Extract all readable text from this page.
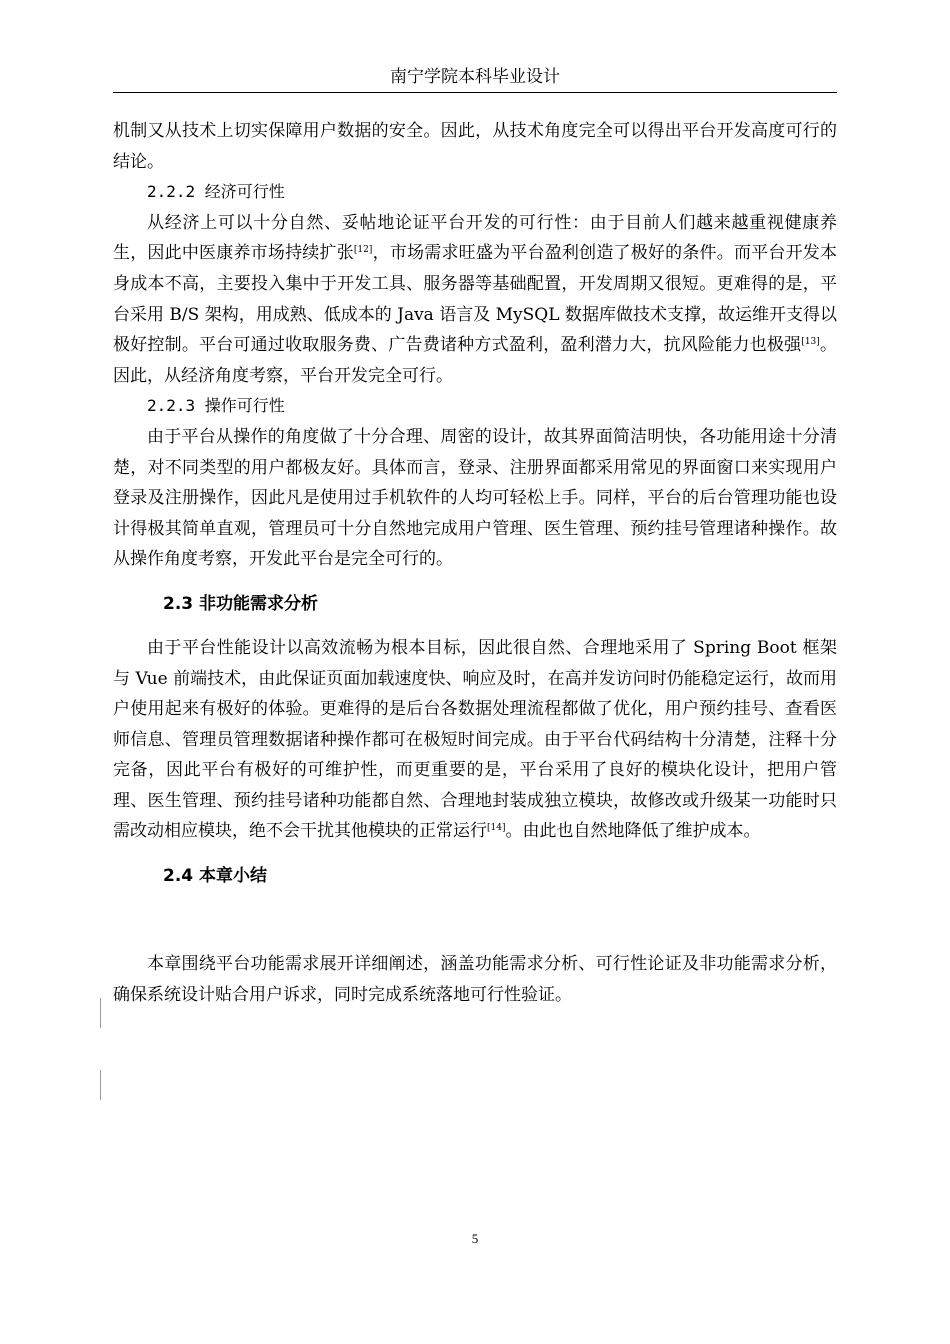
南宁学院本科毕业设计

机制又从技术上切实保障用户数据的安全。因此，从技术角度完全可以得出平台开发高度可行的结论。

2.2.2 经济可行性

从经济上可以十分自然、妥帖地论证平台开发的可行性：由于目前人们越来越重视健康养生，因此中医康养市场持续扩张[12]，市场需求旺盛为平台盈利创造了极好的条件。而平台开发本身成本不高，主要投入集中于开发工具、服务器等基础配置，开发周期又很短。更难得的是，平台采用 B/S 架构，用成熟、低成本的 Java 语言及 MySQL 数据库做技术支撑，故运维开支得以极好控制。平台可通过收取服务费、广告费诸种方式盈利，盈利潜力大，抗风险能力也极强[13]。因此，从经济角度考察，平台开发完全可行。

2.2.3 操作可行性

由于平台从操作的角度做了十分合理、周密的设计，故其界面简洁明快，各功能用途十分清楚，对不同类型的用户都极友好。具体而言，登录、注册界面都采用常见的界面窗口来实现用户登录及注册操作，因此凡是使用过手机软件的人均可轻松上手。同样，平台的后台管理功能也设计得极其简单直观，管理员可十分自然地完成用户管理、医生管理、预约挂号管理诸种操作。故从操作角度考察，开发此平台是完全可行的。

2.3 非功能需求分析

由于平台性能设计以高效流畅为根本目标，因此很自然、合理地采用了 Spring Boot 框架与 Vue 前端技术，由此保证页面加载速度快、响应及时，在高并发访问时仍能稳定运行，故而用户使用起来有极好的体验。更难得的是后台各数据处理流程都做了优化，用户预约挂号、查看医师信息、管理员管理数据诸种操作都可在极短时间完成。由于平台代码结构十分清楚，注释十分完备，因此平台有极好的可维护性，而更重要的是，平台采用了良好的模块化设计，把用户管理、医生管理、预约挂号诸种功能都自然、合理地封装成独立模块，故修改或升级某一功能时只需改动相应模块，绝不会干扰其他模块的正常运行[14]。由此也自然地降低了维护成本。

2.4 本章小结

本章围绕平台功能需求展开详细阐述，涵盖功能需求分析、可行性论证及非功能需求分析，确保系统设计贴合用户诉求，同时完成系统落地可行性验证。

5
